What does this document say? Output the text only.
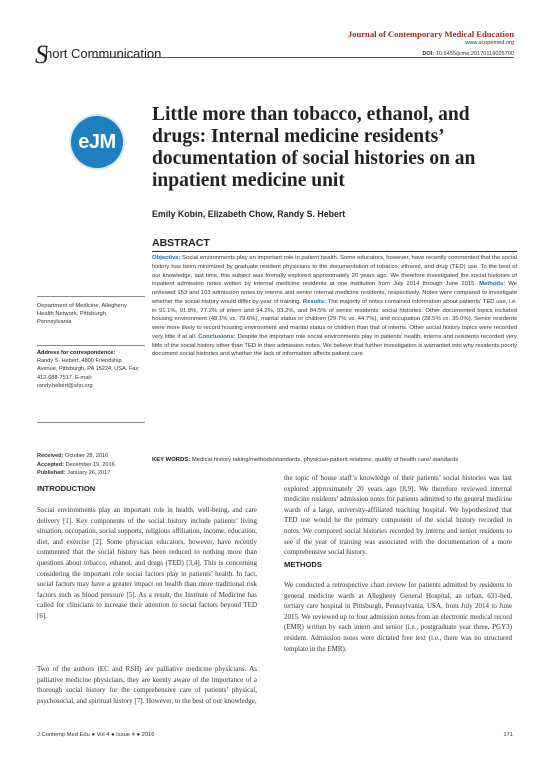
Journal of Contemporary Medical Education
www.scopemed.org
DOI: 10.5455/jcme.20170119025700
Short Communication
eJM
Little more than tobacco, ethanol, and drugs: Internal medicine residents’ documentation of social histories on an inpatient medicine unit
Emily Kobin, Elizabeth Chow, Randy S. Hebert
ABSTRACT

Objective: Social environments play an important role in patient health. Some educators, however, have recently commented that the social history has been minimized by graduate resident physicians to the documentation of tobacco, ethanol, and drug (TED) use. To the best of our knowledge, last time, this subject was formally explored approximately 20 years ago. We therefore investigated the social histories of inpatient admission notes written by internal medicine residents at one institution from July 2014 through June 2015. Methods: We reviewed 153 and 103 admission notes by interns and senior internal medicine residents, respectively. Notes were compared to investigate whether the social history would differ by year of training. Results: The majority of notes contained information about patients’ TED use, i.e. in 91.1%, 91.8%, 77.2% of intern and 94.2%, 93.2%, and 84.5% of senior residents’ social histories. Other documented topics included housing environment (48.1% vs. 79.6%), marital status or children (29.7% vs. 44.7%), and occupation (28.5% vs. 35.0%). Senior residents were more likely to record housing environment and marital status or children than that of interns. Other social history topics were recorded very little if at all. Conclusions: Despite the important role social environments play in patients’ health, interns and residents recorded very little of the social history other than TED in their admission notes. We believe that further investigation is warranted into why residents poorly document social histories and whether the lack of information affects patient care.

KEY WORDS: Medical history taking/methods/standards, physician-patient relations, quality of health care/ standards

Department of Medicine, Allegheny Health Network, Pittsburgh, Pennsylvania
Address for correspondence:
Randy S. Hebert, 4800 Friendship Avenue, Pittsburgh, PA 15224, USA. Fax: 412-688-7517. E-mail: randy.hebert@ahn.org
Received: October 28, 2016
Accepted: December 19, 2016
Published: January 26, 2017
INTRODUCTION

Social environments play an important role in health, well-being, and care delivery [1]. Key components of the social history include patients’ living situation, occupation, social supports, religious affiliation, income, education, diet, and exercise [2]. Some physician educators, however, have recently commented that the social history has been reduced to nothing more than questions about tobacco, ethanol, and drugs (TED) [3,4]. This is concerning considering the important role social factors play in patients’ health. In fact, social factors may have a greater impact on health than more traditional risk factors such as blood pressure [5]. As a result, the Institute of Medicine has called for clinicians to increase their attention to social factors beyond TED [6].

Two of the authors (EC and RSH) are palliative medicine physicians. As palliative medicine physicians, they are keenly aware of the importance of a thorough social history for the comprehensive care of patients’ physical, psychosocial, and spiritual history [7]. However, to the best of our knowledge,

the topic of house staff’s knowledge of their patients’ social histories was last explored approximately 20 years ago [8,9]. We therefore reviewed internal medicine residents’ admission notes for patients admitted to the general medicine wards of a large, university-affiliated teaching hospital. We hypothesized that TED use would be the primary component of the social history recorded in notes. We compared social histories recorded by interns and senior residents to see if the year of training was associated with the documentation of a more comprehensive social history.

METHODS

We conducted a retrospective chart review for patients admitted by residents to general medicine wards at Allegheny General Hospital, an urban, 631-bed, tertiary care hospital in Pittsburgh, Pennsylvania, USA, from July 2014 to June 2015. We reviewed up to four admission notes from an electronic medical record (EMR) written by each intern and senior (i.e., postgraduate year three, PGY3) resident. Admission notes were dictated free text (i.e., there was no structured template in the EMR).

J Contemp Med Edu ● Vol 4 ● Issue 4 ● 2016	171
